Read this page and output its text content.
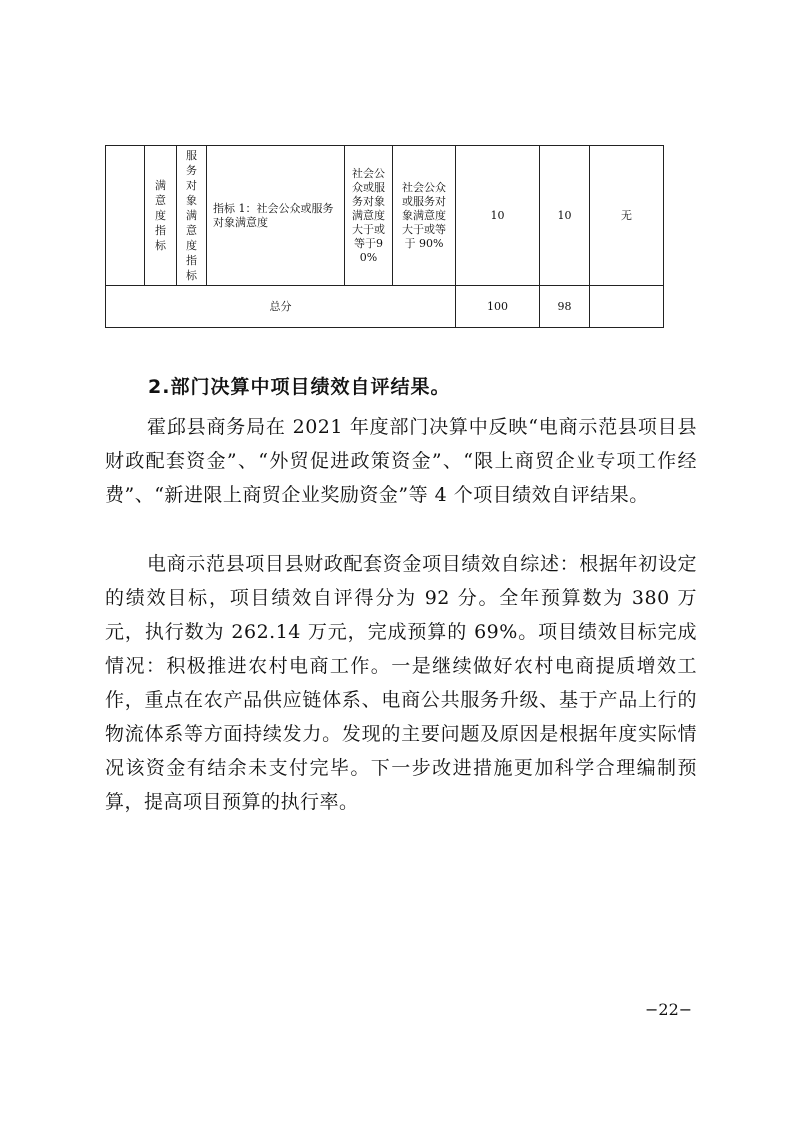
	满意度指标	服务对象满意度指标	指标 1：社会公众或服务对象满意度	社会公众或服务对象满意度大于或等于90%	社会公众或服务对象满意度大于或等于 90%	10	10	无
总分						100	98	
2.部门决算中项目绩效自评结果。

霍邱县商务局在 2021 年度部门决算中反映“电商示范县项目县财政配套资金”、“外贸促进政策资金”、“限上商贸企业专项工作经费”、“新进限上商贸企业奖励资金”等 4 个项目绩效自评结果。

电商示范县项目县财政配套资金项目绩效自综述：根据年初设定的绩效目标，项目绩效自评得分为 92 分。全年预算数为 380 万元，执行数为 262.14 万元，完成预算的 69%。项目绩效目标完成情况：积极推进农村电商工作。一是继续做好农村电商提质增效工作，重点在农产品供应链体系、电商公共服务升级、基于产品上行的物流体系等方面持续发力。发现的主要问题及原因是根据年度实际情况该资金有结余未支付完毕。下一步改进措施更加科学合理编制预算，提高项目预算的执行率。

−22−
